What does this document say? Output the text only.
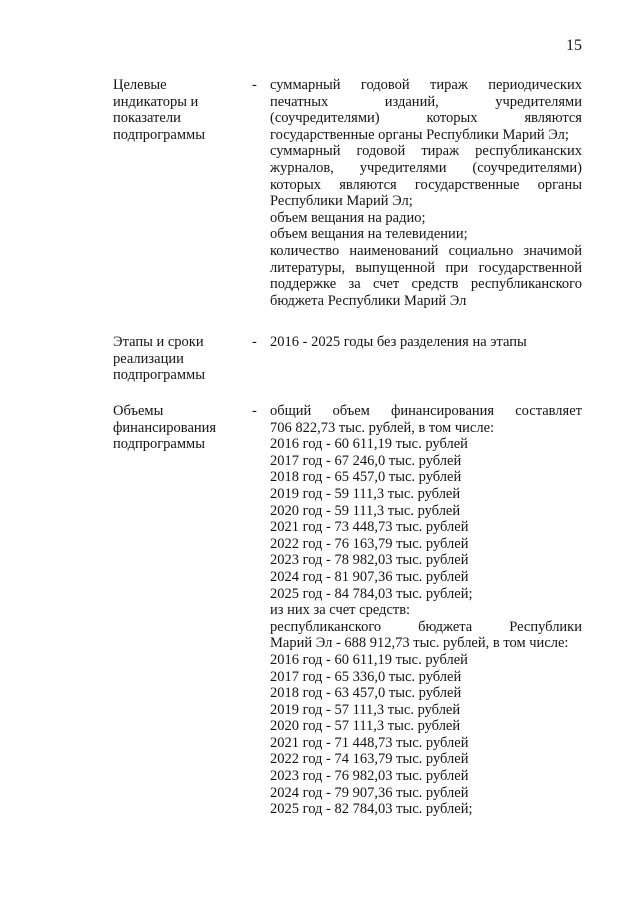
15
Целевые
индикаторы и
показатели
подпрограммы
- суммарный годовой тираж периодических
печатных	изданий,	учредителями
(соучредителями)	которых	являются
государственные органы Республики Марий Эл;
суммарный годовой тираж республиканских
журналов, учредителями (соучредителями)
которых являются государственные органы
Республики Марий Эл;
объем вещания на радио;
объем вещания на телевидении;
количество наименований социально значимой
литературы, выпущенной при государственной
поддержке за счет средств республиканского
бюджета Республики Марий Эл
Этапы и сроки
реализации
подпрограммы
- 2016 - 2025 годы без разделения на этапы
Объемы
финансирования
подпрограммы
- общий объем финансирования составляет
706 822,73 тыс. рублей, в том числе:
2016 год - 60 611,19 тыс. рублей
2017 год - 67 246,0 тыс. рублей
2018 год - 65 457,0 тыс. рублей
2019 год - 59 111,3 тыс. рублей
2020 год - 59 111,3 тыс. рублей
2021 год - 73 448,73 тыс. рублей
2022 год - 76 163,79 тыс. рублей
2023 год - 78 982,03 тыс. рублей
2024 год - 81 907,36 тыс. рублей
2025 год - 84 784,03 тыс. рублей;
из них за счет средств:
республиканского	бюджета	Республики
Марий Эл - 688 912,73 тыс. рублей, в том числе:
2016 год - 60 611,19 тыс. рублей
2017 год - 65 336,0 тыс. рублей
2018 год - 63 457,0 тыс. рублей
2019 год - 57 111,3 тыс. рублей
2020 год - 57 111,3 тыс. рублей
2021 год - 71 448,73 тыс. рублей
2022 год - 74 163,79 тыс. рублей
2023 год - 76 982,03 тыс. рублей
2024 год - 79 907,36 тыс. рублей
2025 год - 82 784,03 тыс. рублей;
